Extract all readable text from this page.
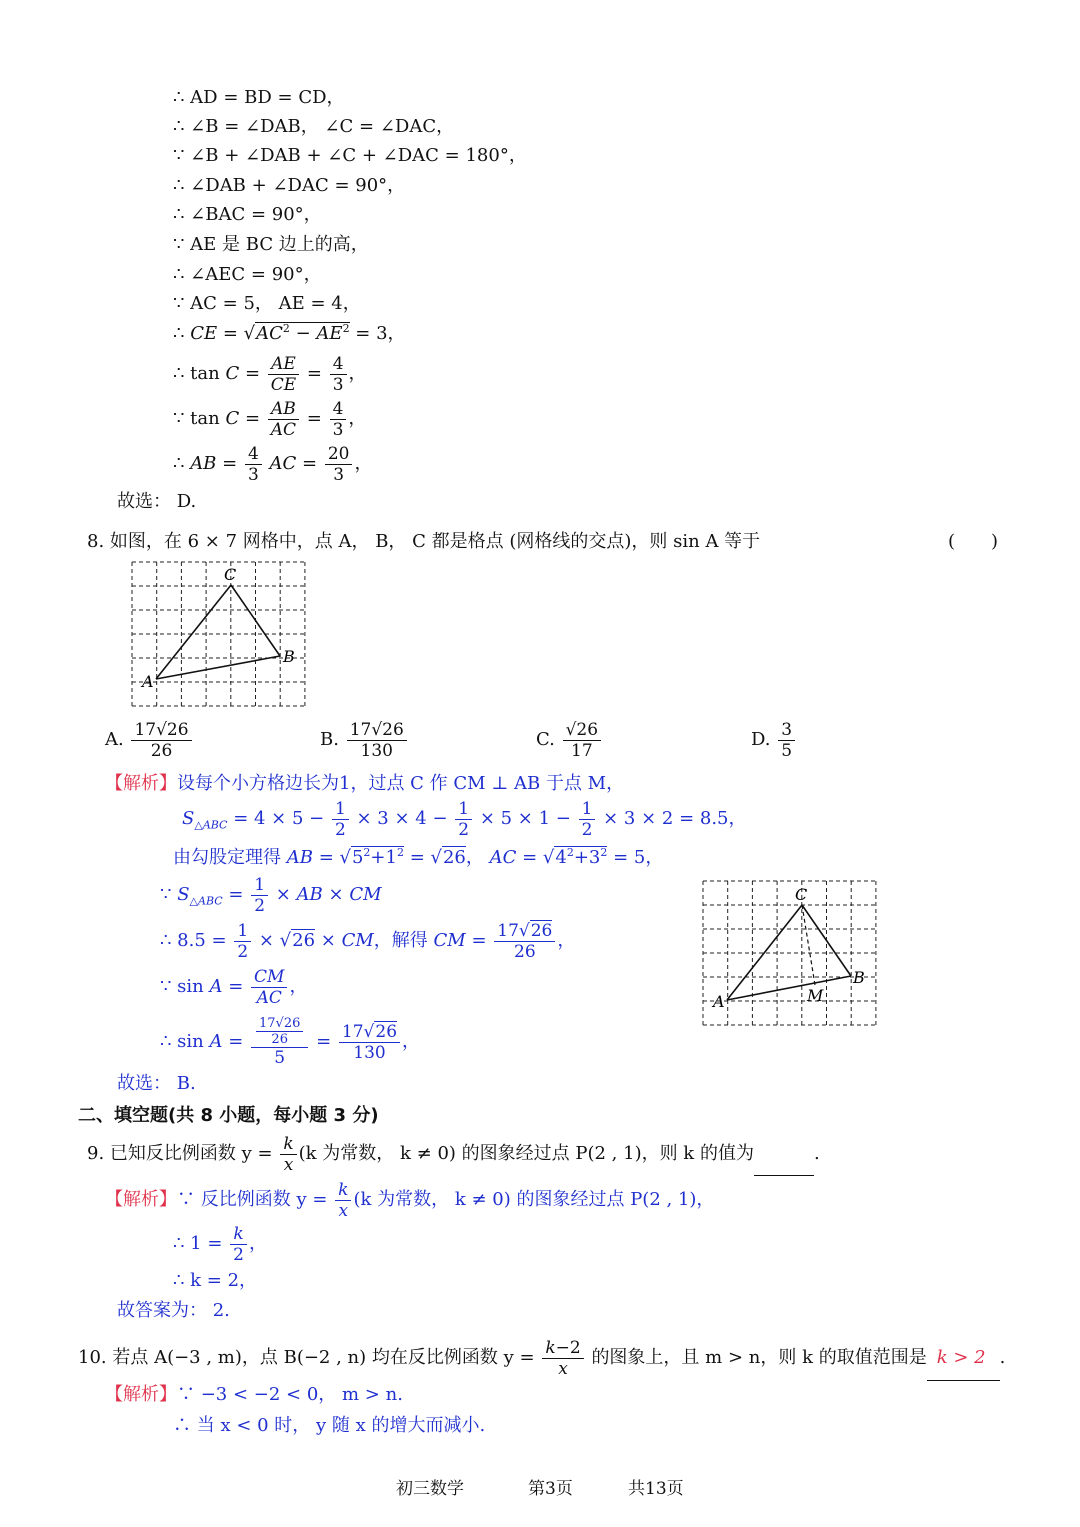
∴ AD = BD = CD，
∴ ∠B = ∠DAB， ∠C = ∠DAC，
∵ ∠B + ∠DAB + ∠C + ∠DAC = 180°，
∴ ∠DAB + ∠DAC = 90°，
∴ ∠BAC = 90°，
∵ AE 是 BC 边上的高，
∴ ∠AEC = 90°，
∵ AC = 5， AE = 4，
∴ CE = $√AC^2 - AE^2 = 3$，
∴ $\tan C = \frac{AE}{CE} = \frac{4}{3}$ ，
∵ $\tan C = \frac{AB}{AC} = \frac{4}{3}$ ，
∴ AB = $\frac{4}{3}$ AC = $\frac{20}{3}$ ，
故选： D.
8. 如图，在 6 × 7 网格中，点 A， B， C 都是格点 (网格线的交点)，则 sin A 等于	(　　)
C
B
A
A. $\frac{17√26}{26}$	B. $\frac{17√26}{130}$	C. $\frac{√26}{17}$	D. $\frac{3}{5}$
【解析】设每个小方格边长为1，过点 C 作 CM ⊥ AB 于点 M，
$S_{\triangle ABC} = 4 \times 5 - \frac{1}{2} \times 3 \times 4 - \frac{1}{2} \times 5 \times 1 - \frac{1}{2} \times 3 \times 2 = 8.5$，
由勾股定理得 AB = $√5^2+1^2 = √26$， AC = $√4^2+3^2 = 5$，
∵ $S_{\triangle ABC} = \frac{1}{2}$ × AB × CM
∴ $8.5 = \frac{1}{2} \times √26$ × CM，解得 CM = $\frac{17√26}{26}$ ，
∵ $\sin A = \frac{CM}{AC}$ ，
∴ $\sin A = \frac{\frac{17√26}{26}}{5} = \frac{17√26}{130}$ ，
故选： B.
C
B
A	M
二、填空题(共 8 小题，每小题 3 分)
9. 已知反比例函数 $y = \frac{k}{x} (k$ 为常数， k ≠ 0) 的图象经过点 P(2 , 1)，则 k 的值为	.
【解析】∵ 反比例函数 $y = \frac{k}{x} (k$ 为常数， k ≠ 0) 的图象经过点 P(2 , 1)，
∴ $1 = \frac{k}{2}$ ，
∴ k = 2，
故答案为： 2.
10. 若点 A(−3 , m)，点 B(−2 , n) 均在反比例函数 $y = \frac{k-2}{x}$ 的图象上，且 m > n，则 k 的取值范围是 k > 2 .
【解析】∵ −3 < −2 < 0， m > n.
∴ 当 x < 0 时， y 随 x 的增大而减小.
初三数学	第3页	共13页
